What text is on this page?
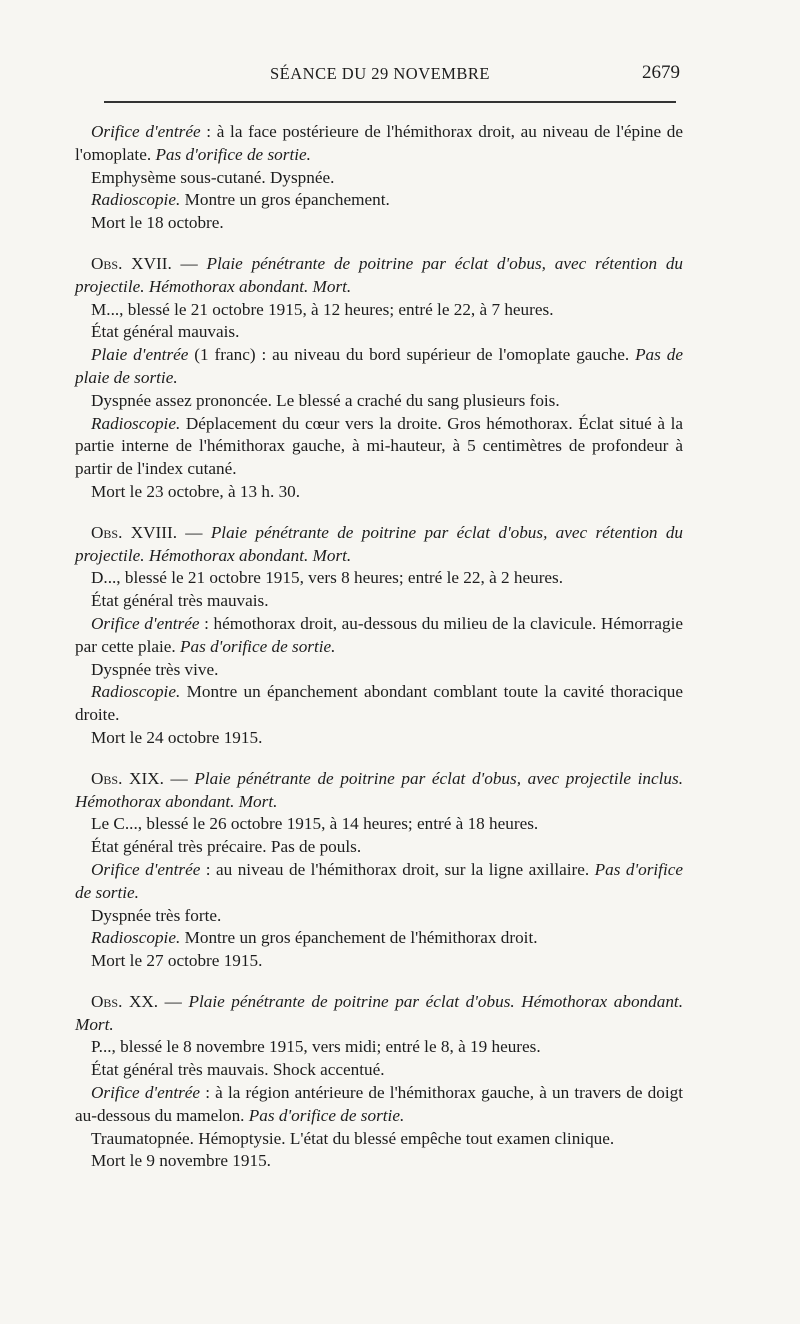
SÉANCE DU 29 NOVEMBRE	2679

Orifice d'entrée : à la face postérieure de l'hémithorax droit, au niveau de l'épine de l'omoplate. Pas d'orifice de sortie.

Emphysème sous-cutané. Dyspnée.

Radioscopie. Montre un gros épanchement.

Mort le 18 octobre.

Obs. XVII. — Plaie pénétrante de poitrine par éclat d'obus, avec rétention du projectile. Hémothorax abondant. Mort.

M..., blessé le 21 octobre 1915, à 12 heures; entré le 22, à 7 heures.

État général mauvais.

Plaie d'entrée (1 franc) : au niveau du bord supérieur de l'omoplate gauche. Pas de plaie de sortie.

Dyspnée assez prononcée. Le blessé a craché du sang plusieurs fois.

Radioscopie. Déplacement du cœur vers la droite. Gros hémothorax. Éclat situé à la partie interne de l'hémithorax gauche, à mi-hauteur, à 5 centimètres de profondeur à partir de l'index cutané.

Mort le 23 octobre, à 13 h. 30.

Obs. XVIII. — Plaie pénétrante de poitrine par éclat d'obus, avec rétention du projectile. Hémothorax abondant. Mort.

D..., blessé le 21 octobre 1915, vers 8 heures; entré le 22, à 2 heures.

État général très mauvais.

Orifice d'entrée : hémothorax droit, au-dessous du milieu de la clavicule. Hémorragie par cette plaie. Pas d'orifice de sortie.

Dyspnée très vive.

Radioscopie. Montre un épanchement abondant comblant toute la cavité thoracique droite.

Mort le 24 octobre 1915.

Obs. XIX. — Plaie pénétrante de poitrine par éclat d'obus, avec projectile inclus. Hémothorax abondant. Mort.

Le C..., blessé le 26 octobre 1915, à 14 heures; entré à 18 heures.

État général très précaire. Pas de pouls.

Orifice d'entrée : au niveau de l'hémithorax droit, sur la ligne axillaire. Pas d'orifice de sortie.

Dyspnée très forte.

Radioscopie. Montre un gros épanchement de l'hémithorax droit.

Mort le 27 octobre 1915.

Obs. XX. — Plaie pénétrante de poitrine par éclat d'obus. Hémothorax abondant. Mort.

P..., blessé le 8 novembre 1915, vers midi; entré le 8, à 19 heures.

État général très mauvais. Shock accentué.

Orifice d'entrée : à la région antérieure de l'hémithorax gauche, à un travers de doigt au-dessous du mamelon. Pas d'orifice de sortie.

Traumatopnée. Hémoptysie. L'état du blessé empêche tout examen clinique.

Mort le 9 novembre 1915.
